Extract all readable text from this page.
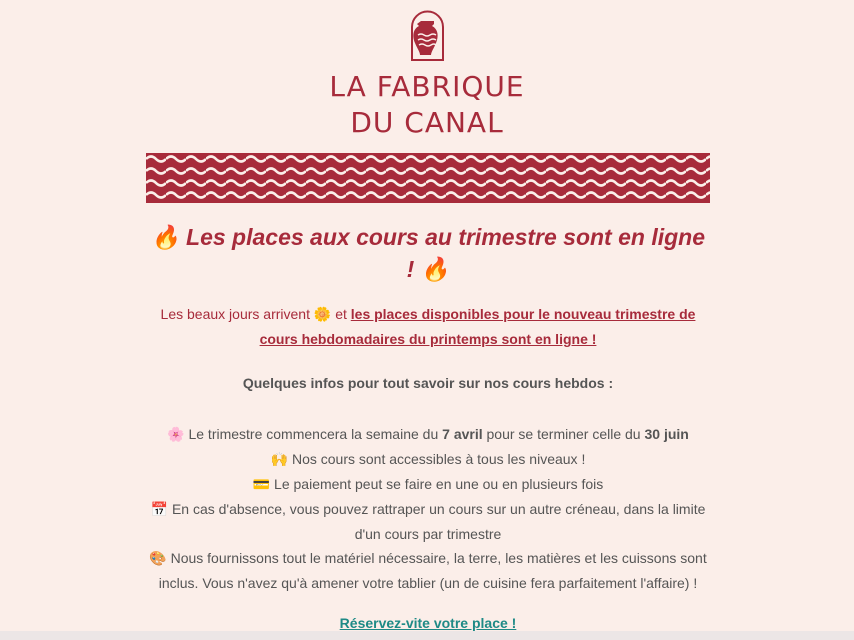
LA FABRIQUE
DU CANAL
🔥 Les places aux cours au trimestre sont en ligne ! 🔥
Les beaux jours arrivent 🌼 et les places disponibles pour le nouveau trimestre de cours hebdomadaires du printemps sont en ligne !
Quelques infos pour tout savoir sur nos cours hebdos :

🌸 Le trimestre commencera la semaine du 7 avril pour se terminer celle du 30 juin

🙌 Nos cours sont accessibles à tous les niveaux !

💳 Le paiement peut se faire en une ou en plusieurs fois

📅 En cas d'absence, vous pouvez rattraper un cours sur un autre créneau, dans la limite d'un cours par trimestre

🎨 Nous fournissons tout le matériel nécessaire, la terre, les matières et les cuissons sont inclus. Vous n'avez qu'à amener votre tablier (un de cuisine fera parfaitement l'affaire) !

Réservez-vite votre place !
